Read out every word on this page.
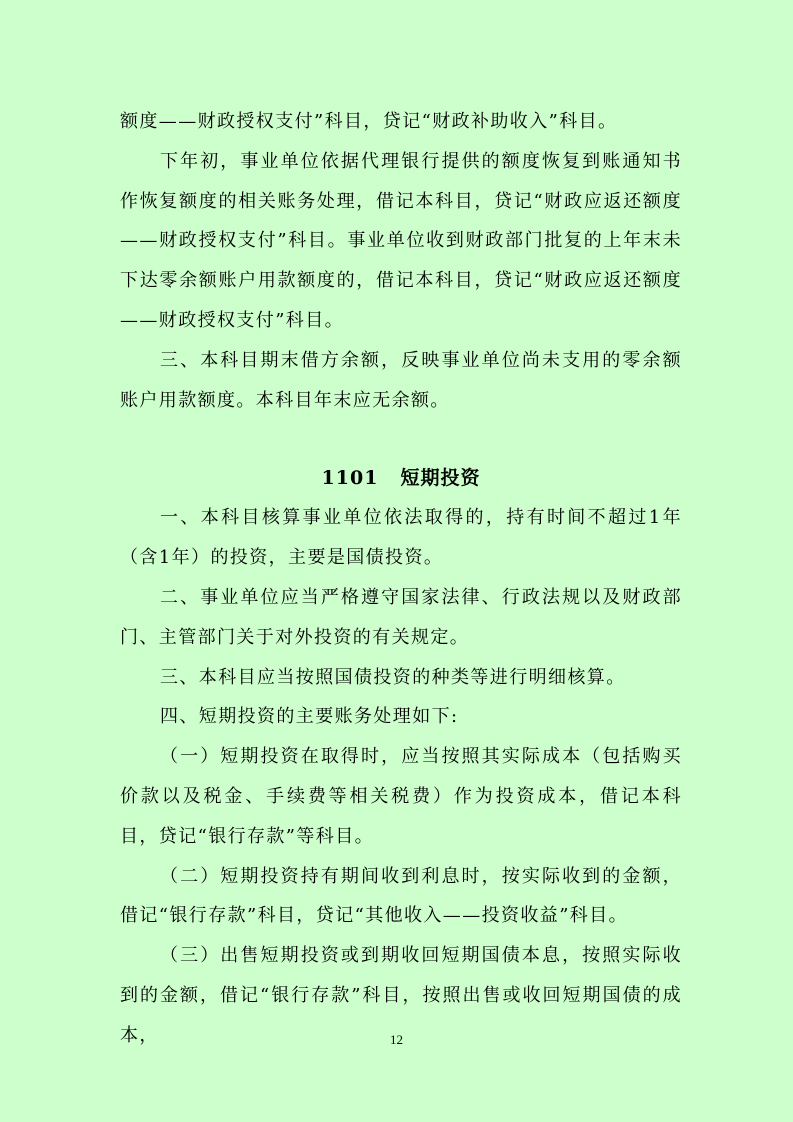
额度——财政授权支付”科目，贷记“财政补助收入”科目。

下年初，事业单位依据代理银行提供的额度恢复到账通知书作恢复额度的相关账务处理，借记本科目，贷记“财政应返还额度——财政授权支付”科目。事业单位收到财政部门批复的上年末未下达零余额账户用款额度的，借记本科目，贷记“财政应返还额度——财政授权支付”科目。

三、本科目期末借方余额，反映事业单位尚未支用的零余额账户用款额度。本科目年末应无余额。

1101 短期投资

一、本科目核算事业单位依法取得的，持有时间不超过1年（含1年）的投资，主要是国债投资。

二、事业单位应当严格遵守国家法律、行政法规以及财政部门、主管部门关于对外投资的有关规定。

三、本科目应当按照国债投资的种类等进行明细核算。

四、短期投资的主要账务处理如下:

（一）短期投资在取得时，应当按照其实际成本（包括购买价款以及税金、手续费等相关税费）作为投资成本，借记本科目，贷记“银行存款”等科目。

（二）短期投资持有期间收到利息时，按实际收到的金额，借记“银行存款”科目，贷记“其他收入——投资收益”科目。

（三）出售短期投资或到期收回短期国债本息，按照实际收到的金额，借记“银行存款”科目，按照出售或收回短期国债的成本，	12
